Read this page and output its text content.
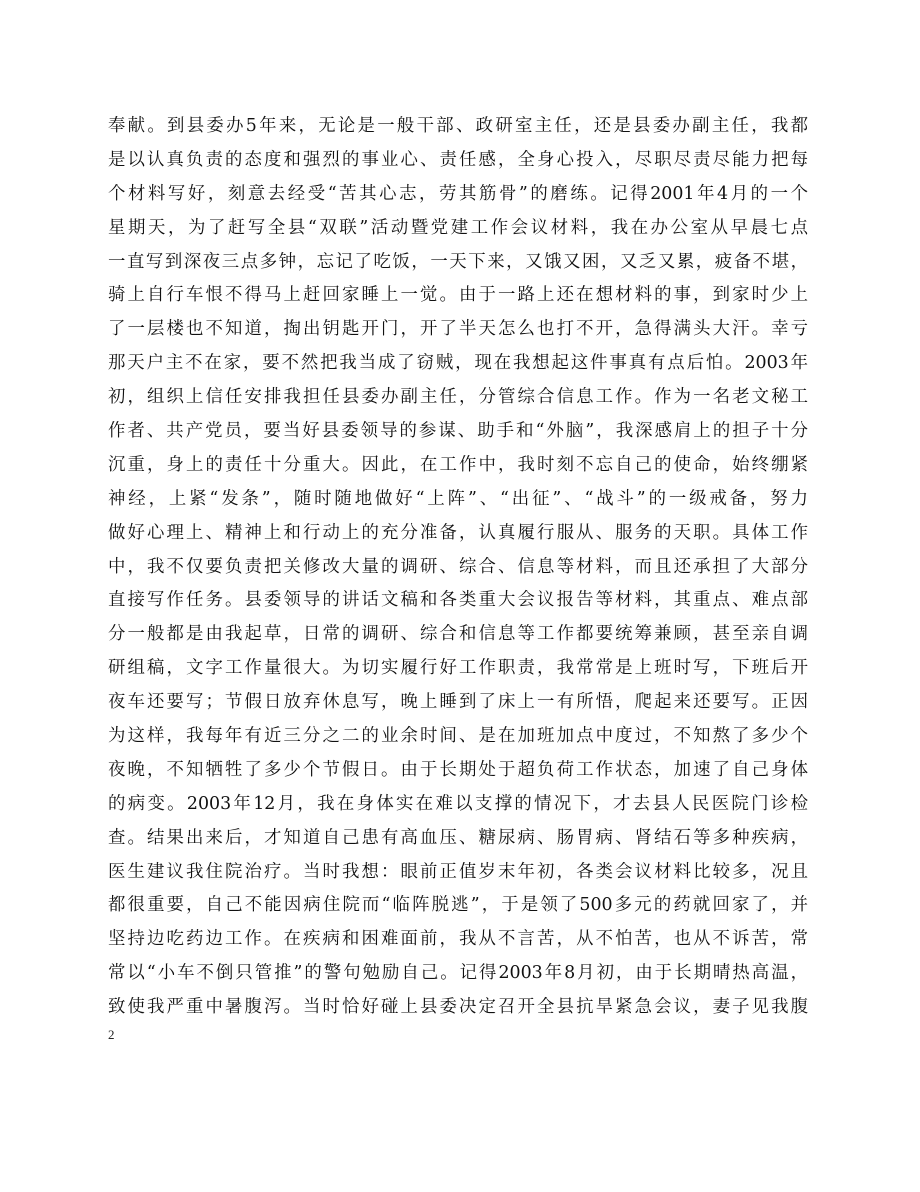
奉献。到县委办5年来，无论是一般干部、政研室主任，还是县委办副主任，我都
是以认真负责的态度和强烈的事业心、责任感，全身心投入，尽职尽责尽能力把每
个材料写好，刻意去经受“苦其心志，劳其筋骨”的磨练。记得2001年4月的一个
星期天，为了赶写全县“双联”活动暨党建工作会议材料，我在办公室从早晨七点
一直写到深夜三点多钟，忘记了吃饭，一天下来，又饿又困，又乏又累，疲备不堪，
骑上自行车恨不得马上赶回家睡上一觉。由于一路上还在想材料的事，到家时少上
了一层楼也不知道，掏出钥匙开门，开了半天怎么也打不开，急得满头大汗。幸亏
那天户主不在家，要不然把我当成了窃贼，现在我想起这件事真有点后怕。2003年
初，组织上信任安排我担任县委办副主任，分管综合信息工作。作为一名老文秘工
作者、共产党员，要当好县委领导的参谋、助手和“外脑”，我深感肩上的担子十分
沉重，身上的责任十分重大。因此，在工作中，我时刻不忘自己的使命，始终绷紧
神经，上紧“发条”，随时随地做好“上阵”、“出征”、“战斗”的一级戒备，努力
做好心理上、精神上和行动上的充分准备，认真履行服从、服务的天职。具体工作
中，我不仅要负责把关修改大量的调研、综合、信息等材料，而且还承担了大部分
直接写作任务。县委领导的讲话文稿和各类重大会议报告等材料，其重点、难点部
分一般都是由我起草，日常的调研、综合和信息等工作都要统筹兼顾，甚至亲自调
研组稿，文字工作量很大。为切实履行好工作职责，我常常是上班时写，下班后开
夜车还要写；节假日放弃休息写，晚上睡到了床上一有所悟，爬起来还要写。正因
为这样，我每年有近三分之二的业余时间、是在加班加点中度过，不知熬了多少个
夜晚，不知牺牲了多少个节假日。由于长期处于超负荷工作状态，加速了自己身体
的病变。2003年12月，我在身体实在难以支撑的情况下，才去县人民医院门诊检
查。结果出来后，才知道自己患有高血压、糖尿病、肠胃病、肾结石等多种疾病，
医生建议我住院治疗。当时我想：眼前正值岁末年初，各类会议材料比较多，况且
都很重要，自己不能因病住院而“临阵脱逃”，于是领了500多元的药就回家了，并
坚持边吃药边工作。在疾病和困难面前，我从不言苦，从不怕苦，也从不诉苦，常
常以“小车不倒只管推”的警句勉励自己。记得2003年8月初，由于长期晴热高温，
致使我严重中暑腹泻。当时恰好碰上县委决定召开全县抗旱紧急会议，妻子见我腹
2
